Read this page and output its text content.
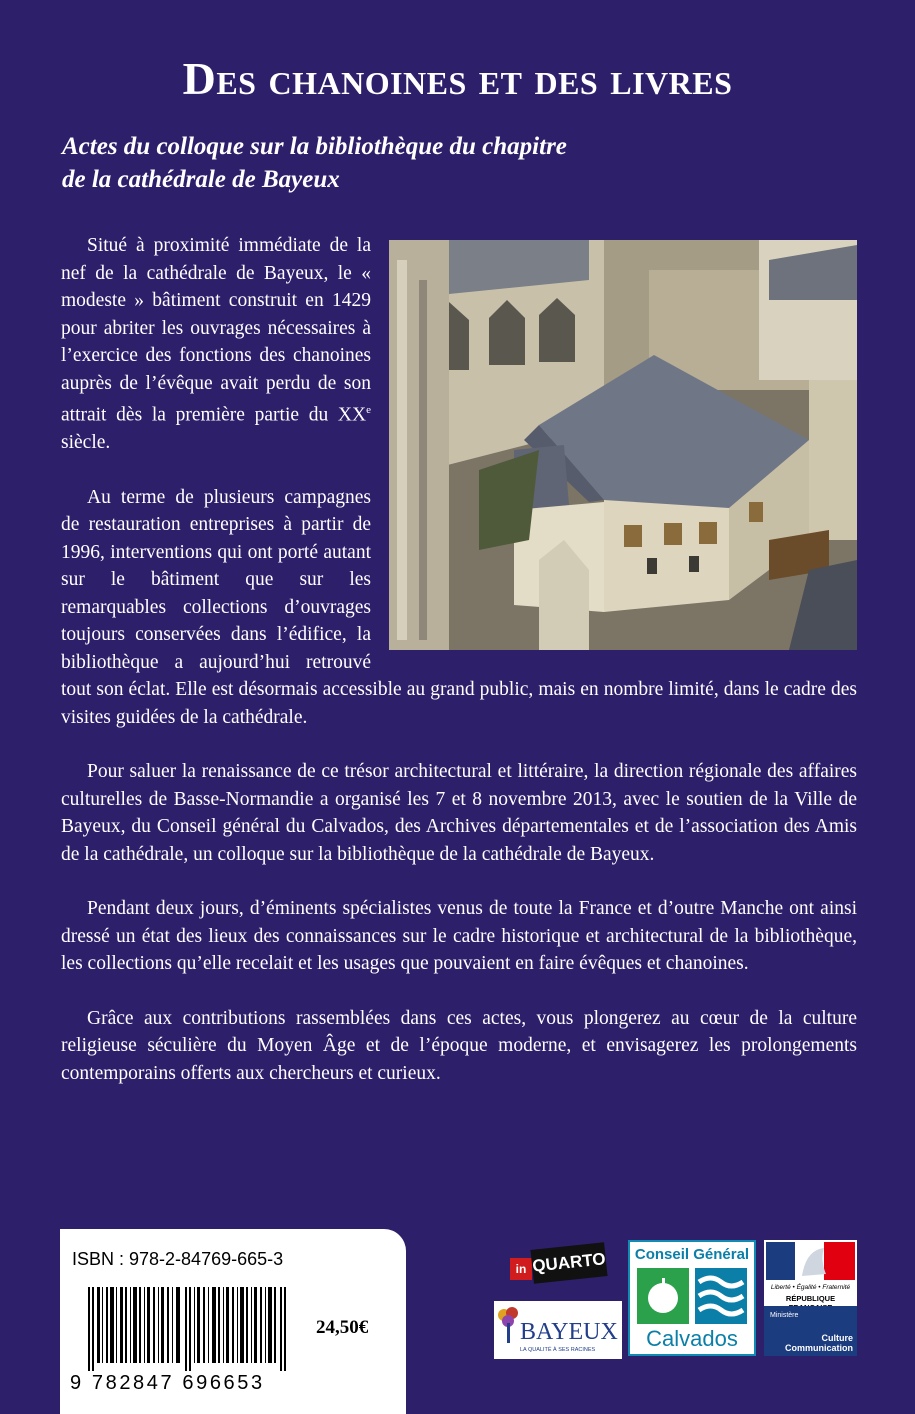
Des chanoines et des livres
Actes du colloque sur la bibliothèque du chapitre
de la cathédrale de Bayeux

Situé à proximité immédiate de la nef de la cathédrale de Bayeux, le « modeste » bâtiment construit en 1429 pour abriter les ouvrages nécessaires à l’exercice des fonctions des chanoines auprès de l’évêque avait perdu de son attrait dès la première partie du XXe siècle.

Au terme de plusieurs campagnes de restauration entreprises à partir de 1996, interventions qui ont porté autant sur le bâtiment que sur les remarquables collections d’ouvrages toujours conservées dans l’édifice, la bibliothèque a aujourd’hui retrouvé tout son éclat. Elle est désormais accessible au grand public, mais en nombre limité, dans le cadre des visites guidées de la cathédrale.

Pour saluer la renaissance de ce trésor architectural et littéraire, la direction régionale des affaires culturelles de Basse-Normandie a organisé les 7 et 8 novembre 2013, avec le soutien de la Ville de Bayeux, du Conseil général du Calvados, des Archives départementales et de l’association des Amis de la cathédrale, un colloque sur la bibliothèque de la cathédrale de Bayeux.

Pendant deux jours, d’éminents spécialistes venus de toute la France et d’outre Manche ont ainsi dressé un état des lieux des connaissances sur le cadre historique et architectural de la bibliothèque, les collections qu’elle recelait et les usages que pouvaient en faire évêques et chanoines.

Grâce aux contributions rassemblées dans ces actes, vous plongerez au cœur de la culture religieuse séculière du Moyen Âge et de l’époque moderne, et envisagerez les prolongements contemporains offerts aux chercheurs et curieux.

ISBN : 978-2-84769-665-3
9 782847 696653
24,50€
in QUARTO
BAYEUX
LA QUALITÉ À SES RACINES
Conseil Général
Calvados
Liberté • Égalité • Fraternité
RÉPUBLIQUE
Ministère
Culture
Communication
